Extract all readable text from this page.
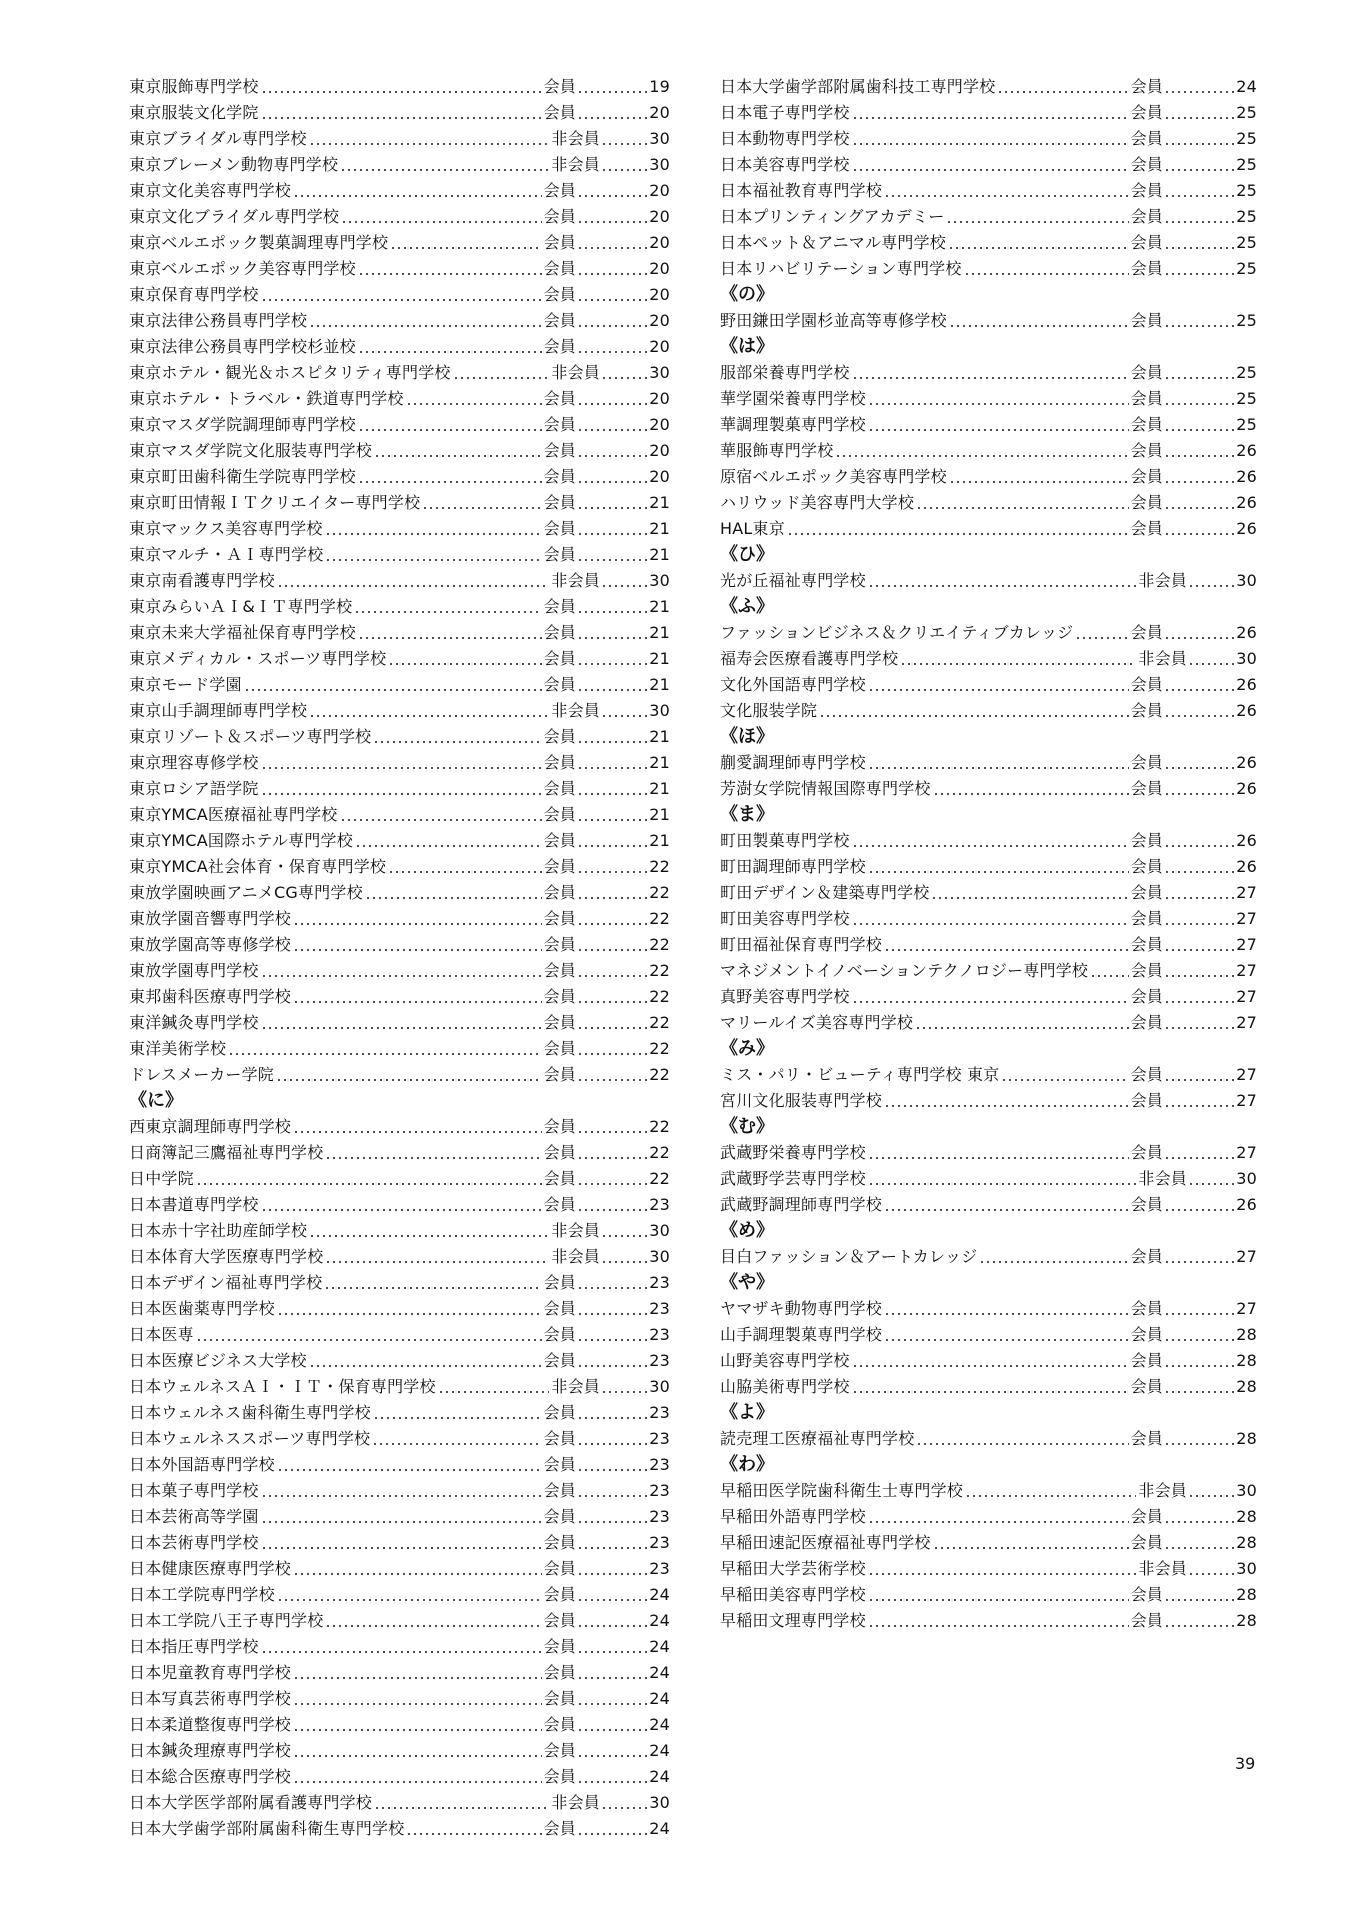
東京服飾専門学校	会員	19
東京服装文化学院	会員	20
東京ブライダル専門学校	非会員	30
東京ブレーメン動物専門学校	非会員	30
東京文化美容専門学校	会員	20
東京文化ブライダル専門学校	会員	20
東京ベルエポック製菓調理専門学校	会員	20
東京ベルエポック美容専門学校	会員	20
東京保育専門学校	会員	20
東京法律公務員専門学校	会員	20
東京法律公務員専門学校杉並校	会員	20
東京ホテル・観光＆ホスピタリティ専門学校	非会員	30
東京ホテル・トラベル・鉄道専門学校	会員	20
東京マスダ学院調理師専門学校	会員	20
東京マスダ学院文化服装専門学校	会員	20
東京町田歯科衛生学院専門学校	会員	20
東京町田情報ＩＴクリエイター専門学校	会員	21
東京マックス美容専門学校	会員	21
東京マルチ・ＡＩ専門学校	会員	21
東京南看護専門学校	非会員	30
東京みらいＡＩ&ＩＴ専門学校	会員	21
東京未来大学福祉保育専門学校	会員	21
東京メディカル・スポーツ専門学校	会員	21
東京モード学園	会員	21
東京山手調理師専門学校	非会員	30
東京リゾート＆スポーツ専門学校	会員	21
東京理容専修学校	会員	21
東京ロシア語学院	会員	21
東京YMCA医療福祉専門学校	会員	21
東京YMCA国際ホテル専門学校	会員	21
東京YMCA社会体育・保育専門学校	会員	22
東放学園映画アニメCG専門学校	会員	22
東放学園音響専門学校	会員	22
東放学園高等専修学校	会員	22
東放学園専門学校	会員	22
東邦歯科医療専門学校	会員	22
東洋鍼灸専門学校	会員	22
東洋美術学校	会員	22
ドレスメーカー学院	会員	22
《に》
西東京調理師専門学校	会員	22
日商簿記三鷹福祉専門学校	会員	22
日中学院	会員	22
日本書道専門学校	会員	23
日本赤十字社助産師学校	非会員	30
日本体育大学医療専門学校	非会員	30
日本デザイン福祉専門学校	会員	23
日本医歯薬専門学校	会員	23
日本医専	会員	23
日本医療ビジネス大学校	会員	23
日本ウェルネスＡＩ・ＩＴ・保育専門学校	非会員	30
日本ウェルネス歯科衛生専門学校	会員	23
日本ウェルネススポーツ専門学校	会員	23
日本外国語専門学校	会員	23
日本菓子専門学校	会員	23
日本芸術高等学園	会員	23
日本芸術専門学校	会員	23
日本健康医療専門学校	会員	23
日本工学院専門学校	会員	24
日本工学院八王子専門学校	会員	24
日本指圧専門学校	会員	24
日本児童教育専門学校	会員	24
日本写真芸術専門学校	会員	24
日本柔道整復専門学校	会員	24
日本鍼灸理療専門学校	会員	24
日本総合医療専門学校	会員	24
日本大学医学部附属看護専門学校	非会員	30
日本大学歯学部附属歯科衛生専門学校	会員	24
日本大学歯学部附属歯科技工専門学校	会員	24
日本電子専門学校	会員	25
日本動物専門学校	会員	25
日本美容専門学校	会員	25
日本福祉教育専門学校	会員	25
日本プリンティングアカデミー	会員	25
日本ペット＆アニマル専門学校	会員	25
日本リハビリテーション専門学校	会員	25
《の》
野田鎌田学園杉並高等専修学校	会員	25
《は》
服部栄養専門学校	会員	25
華学園栄養専門学校	会員	25
華調理製菓専門学校	会員	25
華服飾専門学校	会員	26
原宿ベルエポック美容専門学校	会員	26
ハリウッド美容専門大学校	会員	26
HAL東京	会員	26
《ひ》
光が丘福祉専門学校	非会員	30
《ふ》
ファッションビジネス＆クリエイティブカレッジ	会員	26
福寿会医療看護専門学校	非会員	30
文化外国語専門学校	会員	26
文化服装学院	会員	26
《ほ》
蒯愛調理師専門学校	会員	26
芳澍女学院情報国際専門学校	会員	26
《ま》
町田製菓専門学校	会員	26
町田調理師専門学校	会員	26
町田デザイン＆建築専門学校	会員	27
町田美容専門学校	会員	27
町田福祉保育専門学校	会員	27
マネジメントイノベーションテクノロジー専門学校	会員	27
真野美容専門学校	会員	27
マリールイズ美容専門学校	会員	27
《み》
ミス・パリ・ビューティ専門学校 東京	会員	27
宮川文化服装専門学校	会員	27
《む》
武蔵野栄養専門学校	会員	27
武蔵野学芸専門学校	非会員	30
武蔵野調理師専門学校	会員	26
《め》
目白ファッション＆アートカレッジ	会員	27
《や》
ヤマザキ動物専門学校	会員	27
山手調理製菓専門学校	会員	28
山野美容専門学校	会員	28
山脇美術専門学校	会員	28
《よ》
読売理工医療福祉専門学校	会員	28
《わ》
早稲田医学院歯科衛生士専門学校	非会員	30
早稲田外語専門学校	会員	28
早稲田速記医療福祉専門学校	会員	28
早稲田大学芸術学校	非会員	30
早稲田美容専門学校	会員	28
早稲田文理専門学校	会員	28
39
